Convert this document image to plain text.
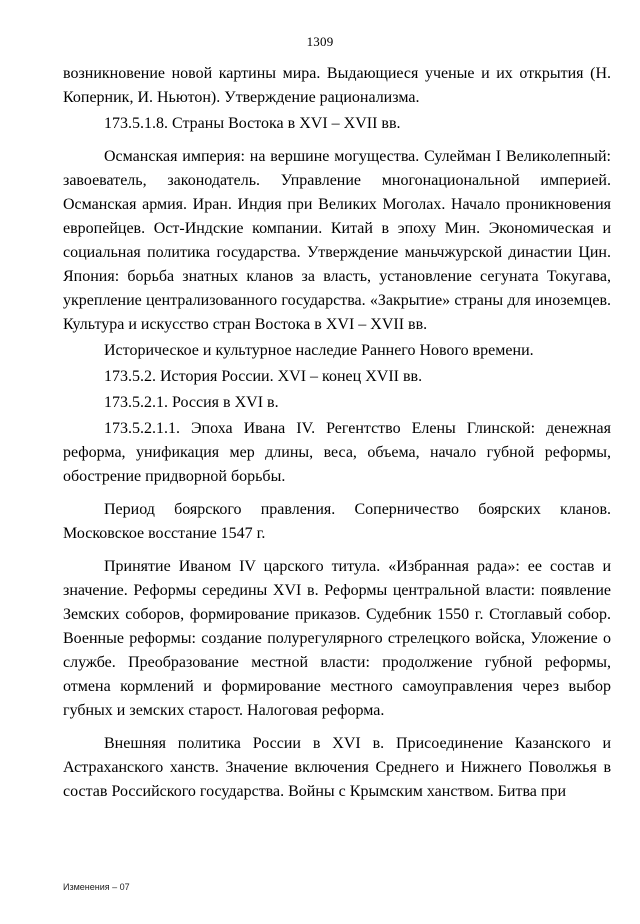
1309

возникновение новой картины мира. Выдающиеся ученые и их открытия (Н. Коперник, И. Ньютон). Утверждение рационализма.

173.5.1.8. Страны Востока в XVI – XVII вв.

Османская империя: на вершине могущества. Сулейман I Великолепный: завоеватель, законодатель. Управление многонациональной империей. Османская армия. Иран. Индия при Великих Моголах. Начало проникновения европейцев. Ост-Индские компании. Китай в эпоху Мин. Экономическая и социальная политика государства. Утверждение маньчжурской династии Цин. Япония: борьба знатных кланов за власть, установление сегуната Токугава, укрепление централизованного государства. «Закрытие» страны для иноземцев. Культура и искусство стран Востока в XVI – XVII вв.

Историческое и культурное наследие Раннего Нового времени.

173.5.2. История России. XVI – конец XVII вв.

173.5.2.1. Россия в XVI в.

173.5.2.1.1. Эпоха Ивана IV. Регентство Елены Глинской: денежная реформа, унификация мер длины, веса, объема, начало губной реформы, обострение придворной борьбы.

Период боярского правления. Соперничество боярских кланов. Московское восстание 1547 г.

Принятие Иваном IV царского титула. «Избранная рада»: ее состав и значение. Реформы середины XVI в. Реформы центральной власти: появление Земских соборов, формирование приказов. Судебник 1550 г. Стоглавый собор. Военные реформы: создание полурегулярного стрелецкого войска, Уложение о службе. Преобразование местной власти: продолжение губной реформы, отмена кормлений и формирование местного самоуправления через выбор губных и земских старост. Налоговая реформа.

Внешняя политика России в XVI в. Присоединение Казанского и Астраханского ханств. Значение включения Среднего и Нижнего Поволжья в состав Российского государства. Войны с Крымским ханством. Битва при

Изменения – 07
